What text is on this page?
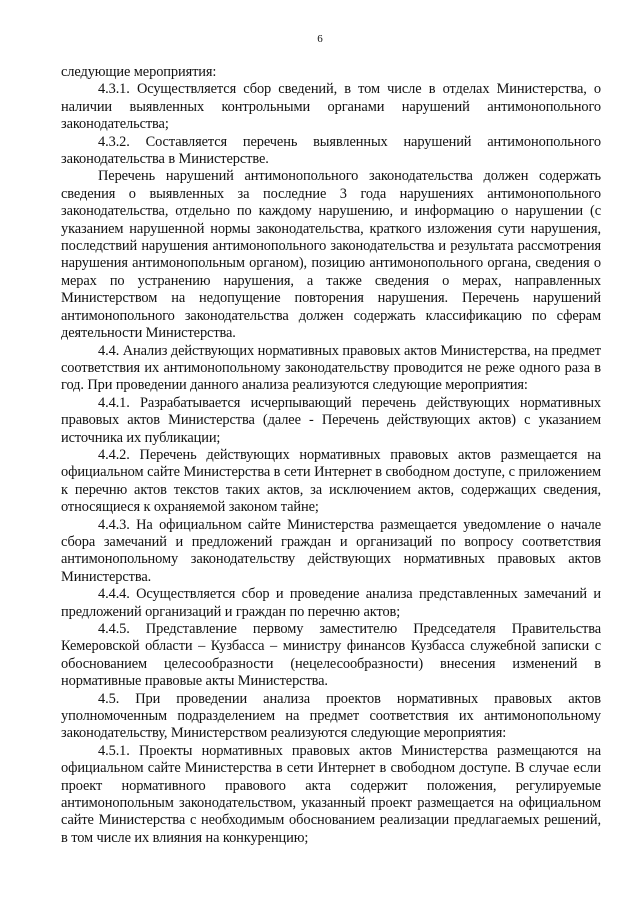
6

следующие мероприятия:

4.3.1. Осуществляется сбор сведений, в том числе в отделах Министерства, о наличии выявленных контрольными органами нарушений антимонопольного законодательства;

4.3.2. Составляется перечень выявленных нарушений антимонопольного законодательства в Министерстве.

Перечень нарушений антимонопольного законодательства должен содержать сведения о выявленных за последние 3 года нарушениях антимонопольного законодательства, отдельно по каждому нарушению, и информацию о нарушении (с указанием нарушенной нормы законодательства, краткого изложения сути нарушения, последствий нарушения антимонопольного законодательства и результата рассмотрения нарушения антимонопольным органом), позицию антимонопольного органа, сведения о мерах по устранению нарушения, а также сведения о мерах, направленных Министерством на недопущение повторения нарушения. Перечень нарушений антимонопольного законодательства должен содержать классификацию по сферам деятельности Министерства.

4.4. Анализ действующих нормативных правовых актов Министерства, на предмет соответствия их антимонопольному законодательству проводится не реже одного раза в год. При проведении данного анализа реализуются следующие мероприятия:

4.4.1. Разрабатывается исчерпывающий перечень действующих нормативных правовых актов Министерства (далее - Перечень действующих актов) с указанием источника их публикации;

4.4.2. Перечень действующих нормативных правовых актов размещается на официальном сайте Министерства в сети Интернет в свободном доступе, с приложением к перечню актов текстов таких актов, за исключением актов, содержащих сведения, относящиеся к охраняемой законом тайне;

4.4.3. На официальном сайте Министерства размещается уведомление о начале сбора замечаний и предложений граждан и организаций по вопросу соответствия антимонопольному законодательству действующих нормативных правовых актов Министерства.

4.4.4. Осуществляется сбор и проведение анализа представленных замечаний и предложений организаций и граждан по перечню актов;

4.4.5. Представление первому заместителю Председателя Правительства Кемеровской области – Кузбасса – министру финансов Кузбасса служебной записки с обоснованием целесообразности (нецелесообразности) внесения изменений в нормативные правовые акты Министерства.

4.5. При проведении анализа проектов нормативных правовых актов уполномоченным подразделением на предмет соответствия их антимонопольному законодательству, Министерством реализуются следующие мероприятия:

4.5.1. Проекты нормативных правовых актов Министерства размещаются на официальном сайте Министерства в сети Интернет в свободном доступе. В случае если проект нормативного правового акта содержит положения, регулируемые антимонопольным законодательством, указанный проект размещается на официальном сайте Министерства с необходимым обоснованием реализации предлагаемых решений, в том числе их влияния на конкуренцию;
